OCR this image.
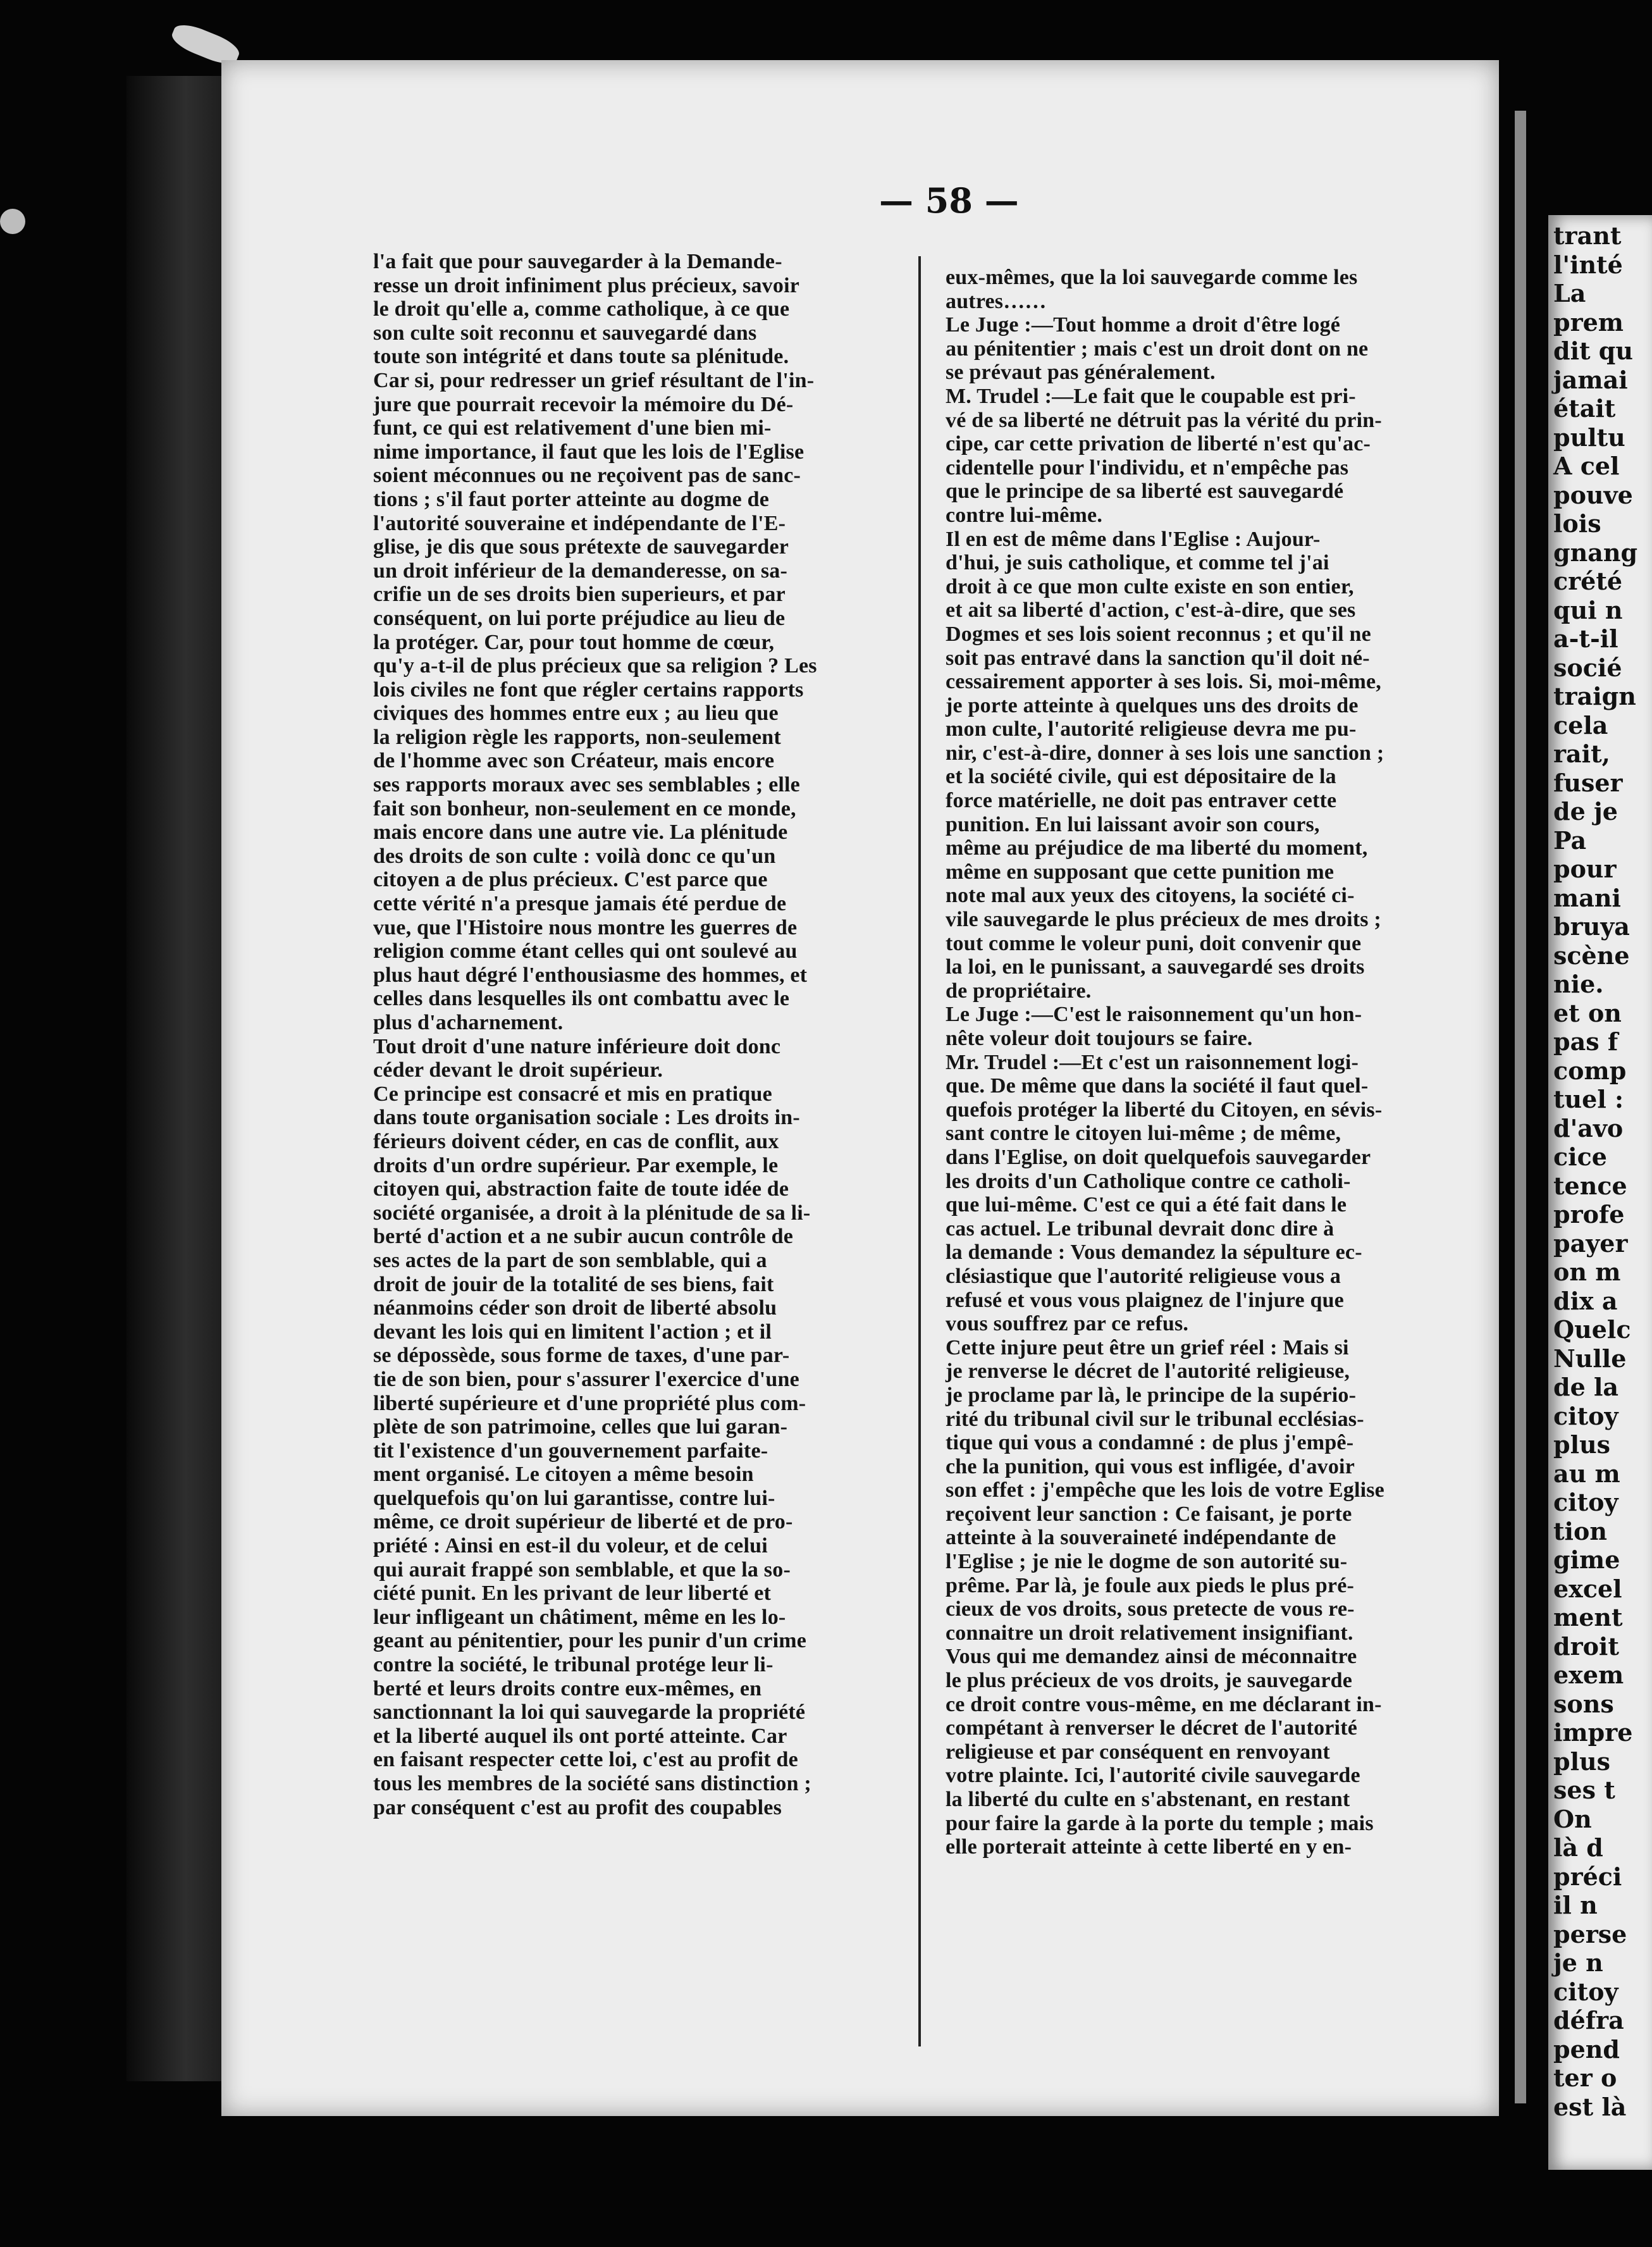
— 58 —
l'a fait que pour sauvegarder à la Demande-
resse un droit infiniment plus précieux, savoir
le droit qu'elle a, comme catholique, à ce que
son culte soit reconnu et sauvegardé dans
toute son intégrité et dans toute sa plénitude.
Car si, pour redresser un grief résultant de l'in-
jure que pourrait recevoir la mémoire du Dé-
funt, ce qui est relativement d'une bien mi-
nime importance, il faut que les lois de l'Eglise
soient méconnues ou ne reçoivent pas de sanc-
tions ; s'il faut porter atteinte au dogme de
l'autorité souveraine et indépendante de l'E-
glise, je dis que sous prétexte de sauvegarder
un droit inférieur de la demanderesse, on sa-
crifie un de ses droits bien superieurs, et par
conséquent, on lui porte préjudice au lieu de
la protéger. Car, pour tout homme de cœur,
qu'y a-t-il de plus précieux que sa religion ? Les
lois civiles ne font que régler certains rapports
civiques des hommes entre eux ; au lieu que
la religion règle les rapports, non-seulement
de l'homme avec son Créateur, mais encore
ses rapports moraux avec ses semblables ; elle
fait son bonheur, non-seulement en ce monde,
mais encore dans une autre vie. La plénitude
des droits de son culte : voilà donc ce qu'un
citoyen a de plus précieux. C'est parce que
cette vérité n'a presque jamais été perdue de
vue, que l'Histoire nous montre les guerres de
religion comme étant celles qui ont soulevé au
plus haut dégré l'enthousiasme des hommes, et
celles dans lesquelles ils ont combattu avec le
plus d'acharnement.
Tout droit d'une nature inférieure doit donc
céder devant le droit supérieur.
Ce principe est consacré et mis en pratique
dans toute organisation sociale : Les droits in-
férieurs doivent céder, en cas de conflit, aux
droits d'un ordre supérieur. Par exemple, le
citoyen qui, abstraction faite de toute idée de
société organisée, a droit à la plénitude de sa li-
berté d'action et a ne subir aucun contrôle de
ses actes de la part de son semblable, qui a
droit de jouir de la totalité de ses biens, fait
néanmoins céder son droit de liberté absolu
devant les lois qui en limitent l'action ; et il
se dépossède, sous forme de taxes, d'une par-
tie de son bien, pour s'assurer l'exercice d'une
liberté supérieure et d'une propriété plus com-
plète de son patrimoine, celles que lui garan-
tit l'existence d'un gouvernement parfaite-
ment organisé. Le citoyen a même besoin
quelquefois qu'on lui garantisse, contre lui-
même, ce droit supérieur de liberté et de pro-
priété : Ainsi en est-il du voleur, et de celui
qui aurait frappé son semblable, et que la so-
ciété punit. En les privant de leur liberté et
leur infligeant un châtiment, même en les lo-
geant au pénitentier, pour les punir d'un crime
contre la société, le tribunal protége leur li-
berté et leurs droits contre eux-mêmes, en
sanctionnant la loi qui sauvegarde la propriété
et la liberté auquel ils ont porté atteinte. Car
en faisant respecter cette loi, c'est au profit de
tous les membres de la société sans distinction ;
par conséquent c'est au profit des coupables
eux-mêmes, que la loi sauvegarde comme les
autres……
Le Juge :—Tout homme a droit d'être logé
au pénitentier ; mais c'est un droit dont on ne
se prévaut pas généralement.
M. Trudel :—Le fait que le coupable est pri-
vé de sa liberté ne détruit pas la vérité du prin-
cipe, car cette privation de liberté n'est qu'ac-
cidentelle pour l'individu, et n'empêche pas
que le principe de sa liberté est sauvegardé
contre lui-même.
Il en est de même dans l'Eglise : Aujour-
d'hui, je suis catholique, et comme tel j'ai
droit à ce que mon culte existe en son entier,
et ait sa liberté d'action, c'est-à-dire, que ses
Dogmes et ses lois soient reconnus ; et qu'il ne
soit pas entravé dans la sanction qu'il doit né-
cessairement apporter à ses lois. Si, moi-même,
je porte atteinte à quelques uns des droits de
mon culte, l'autorité religieuse devra me pu-
nir, c'est-à-dire, donner à ses lois une sanction ;
et la société civile, qui est dépositaire de la
force matérielle, ne doit pas entraver cette
punition. En lui laissant avoir son cours,
même au préjudice de ma liberté du moment,
même en supposant que cette punition me
note mal aux yeux des citoyens, la société ci-
vile sauvegarde le plus précieux de mes droits ;
tout comme le voleur puni, doit convenir que
la loi, en le punissant, a sauvegardé ses droits
de propriétaire.
Le Juge :—C'est le raisonnement qu'un hon-
nête voleur doit toujours se faire.
Mr. Trudel :—Et c'est un raisonnement logi-
que. De même que dans la société il faut quel-
quefois protéger la liberté du Citoyen, en sévis-
sant contre le citoyen lui-même ; de même,
dans l'Eglise, on doit quelquefois sauvegarder
les droits d'un Catholique contre ce catholi-
que lui-même. C'est ce qui a été fait dans le
cas actuel. Le tribunal devrait donc dire à
la demande : Vous demandez la sépulture ec-
clésiastique que l'autorité religieuse vous a
refusé et vous vous plaignez de l'injure que
vous souffrez par ce refus.
Cette injure peut être un grief réel : Mais si
je renverse le décret de l'autorité religieuse,
je proclame par là, le principe de la supério-
rité du tribunal civil sur le tribunal ecclésias-
tique qui vous a condamné : de plus j'empê-
che la punition, qui vous est infligée, d'avoir
son effet : j'empêche que les lois de votre Eglise
reçoivent leur sanction : Ce faisant, je porte
atteinte à la souveraineté indépendante de
l'Eglise ; je nie le dogme de son autorité su-
prême. Par là, je foule aux pieds le plus pré-
cieux de vos droits, sous pretecte de vous re-
connaitre un droit relativement insignifiant.
Vous qui me demandez ainsi de méconnaitre
le plus précieux de vos droits, je sauvegarde
ce droit contre vous-même, en me déclarant in-
compétant à renverser le décret de l'autorité
religieuse et par conséquent en renvoyant
votre plainte. Ici, l'autorité civile sauvegarde
la liberté du culte en s'abstenant, en restant
pour faire la garde à la porte du temple ; mais
elle porterait atteinte à cette liberté en y en-
trant
l'inté
La
prem
dit qu
jamai
était
pultu
A cel
pouve
lois
gnang
crété
qui n
a-t-il
socié
traign
cela
rait,
fuser
de je
Pa
pour
mani
bruya
scène
nie.
et on
pas f
comp
tuel :
d'avo
cice
tence
profe
payer
on m
dix a
Quelc
Nulle
de la
citoy
plus
au m
citoy
tion
gime
excel
ment
droit
exem
sons
impre
plus
ses t
On
là d
préci
il n
perse
je n
citoy
défra
pend
ter o
est là
